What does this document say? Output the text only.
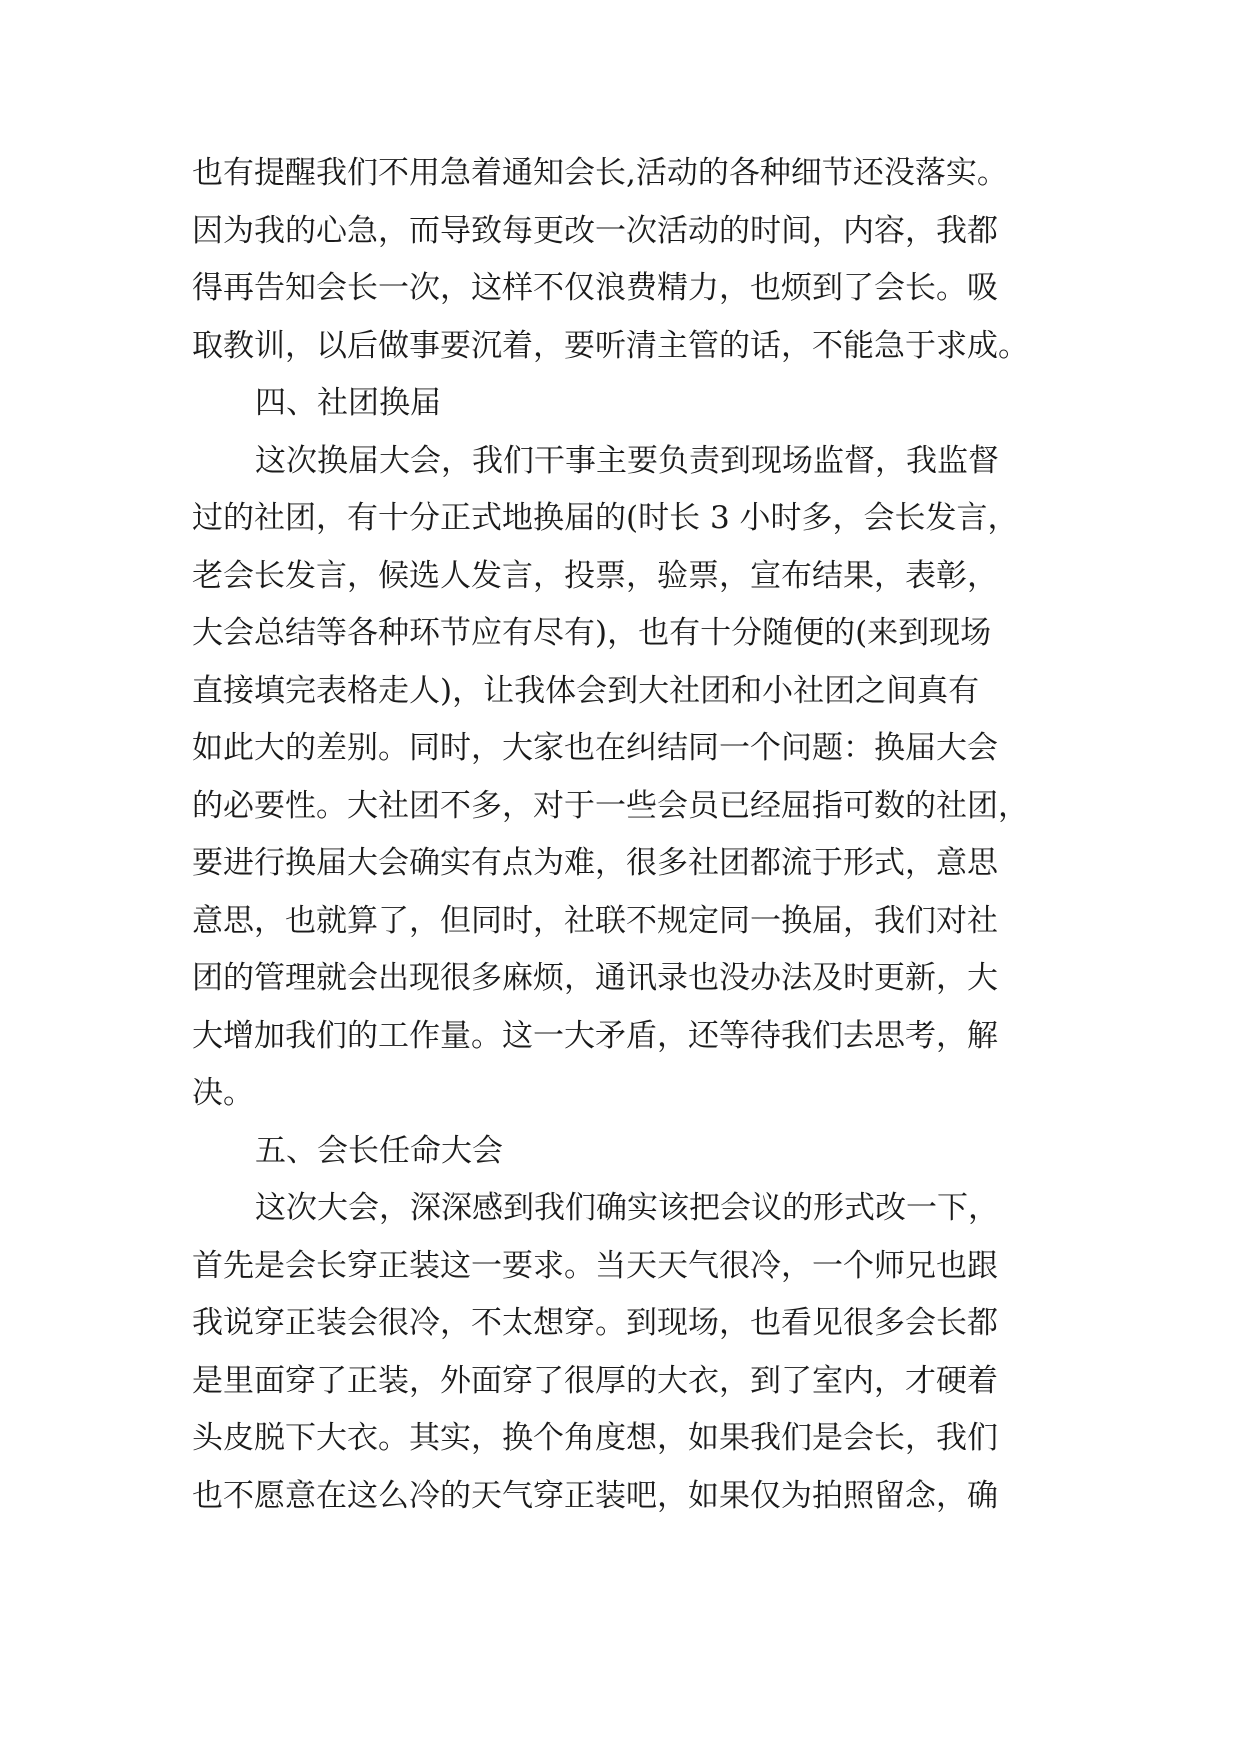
也有提醒我们不用急着通知会长,活动的各种细节还没落实。
因为我的心急，而导致每更改一次活动的时间，内容，我都
得再告知会长一次，这样不仅浪费精力，也烦到了会长。吸
取教训，以后做事要沉着，要听清主管的话，不能急于求成。
四、社团换届
这次换届大会，我们干事主要负责到现场监督，我监督
过的社团，有十分正式地换届的(时长 3 小时多，会长发言，
老会长发言，候选人发言，投票，验票，宣布结果，表彰，
大会总结等各种环节应有尽有)，也有十分随便的(来到现场
直接填完表格走人)，让我体会到大社团和小社团之间真有
如此大的差别。同时，大家也在纠结同一个问题：换届大会
的必要性。大社团不多，对于一些会员已经屈指可数的社团，
要进行换届大会确实有点为难，很多社团都流于形式，意思
意思，也就算了，但同时，社联不规定同一换届，我们对社
团的管理就会出现很多麻烦，通讯录也没办法及时更新，大
大增加我们的工作量。这一大矛盾，还等待我们去思考，解
决。
五、会长任命大会
这次大会，深深感到我们确实该把会议的形式改一下，
首先是会长穿正装这一要求。当天天气很冷，一个师兄也跟
我说穿正装会很冷，不太想穿。到现场，也看见很多会长都
是里面穿了正装，外面穿了很厚的大衣，到了室内，才硬着
头皮脱下大衣。其实，换个角度想，如果我们是会长，我们
也不愿意在这么冷的天气穿正装吧，如果仅为拍照留念，确
